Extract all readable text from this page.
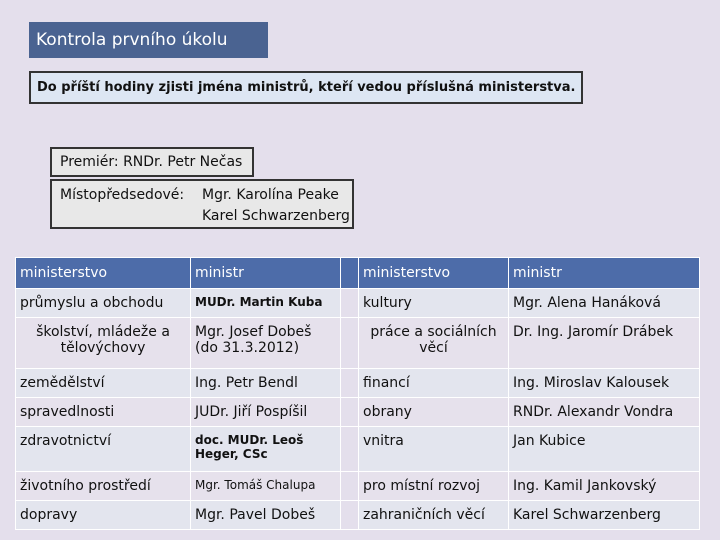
Kontrola prvního úkolu
Do příští hodiny zjisti jména ministrů, kteří vedou příslušná ministerstva.
Premiér: RNDr. Petr Nečas
Místopředsedové:	Mgr. Karolína Peake
Karel Schwarzenberg
ministerstvo	ministr		ministerstvo	ministr
průmyslu a obchodu	MUDr. Martin Kuba		kultury	Mgr. Alena Hanáková
školství, mládeže a tělovýchovy	Mgr. Josef Dobeš (do 31.3.2012)		práce a sociálních věcí	Dr. Ing. Jaromír Drábek
zemědělství	Ing. Petr Bendl		financí	Ing. Miroslav Kalousek
spravedlnosti	JUDr. Jiří Pospíšil		obrany	RNDr. Alexandr Vondra
zdravotnictví	doc. MUDr. Leoš Heger, CSc		vnitra	Jan Kubice
životního prostředí	Mgr. Tomáš Chalupa		pro místní rozvoj	Ing. Kamil Jankovský
dopravy	Mgr. Pavel Dobeš		zahraničních věcí	Karel Schwarzenberg
